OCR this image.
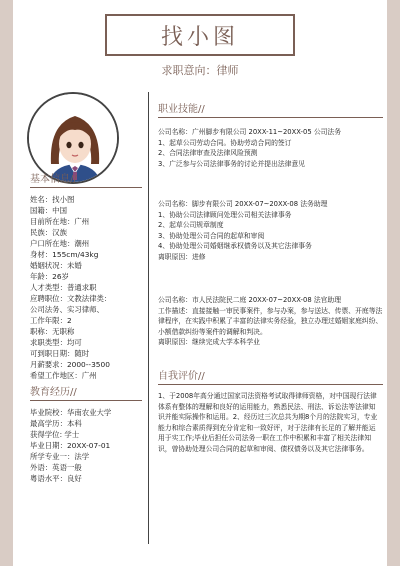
找小图
求职意向：律师
基本信息//
姓名：找小图
国籍：中国
目前所在地：广州
民族：汉族
户口所在地：潮州
身材：155cm/43kg
婚姻状况：未婚
年龄：26岁
人才类型：普通求职
应聘职位：文教法律类：
公司法务、实习律师、
工作年限：2
职称：无职称
求职类型：均可
可到职日期：随时
月薪要求：2000--3500
希望工作地区：广州
教育经历//
毕业院校：华南农业大学
最高学历：本科
获得学位: 学士
毕业日期：20XX-07-01
所学专业一：法学
外语：英语一般
粤语水平：良好
职业技能//
公司名称：广州脚步有限公司 20XX-11~20XX-05 公司法务
1、起草公司劳动合同。协助劳动合同的签订
2、合同法律审查及法律风险预测
3、广泛参与公司法律事务的讨论并提出法律意见
公司名称：脚步有限公司 20XX-07~20XX-08 法务助理
1、协助公司法律顾问处理公司相关法律事务
2、起草公司规章制度
3、协助处理公司合同的起草和审阅
4、协助处理公司婚姻继承权债务以及其它法律事务
离职原因：进修
公司名称：市人民法院民二庭 20XX-07~20XX-08 法官助理
工作描述：直接接触一审民事案件，参与办案，参与送达、传票、开庭等法律程序，在实践中积累了丰富的法律实务经验，独立办理过婚姻家庭纠纷、小额借款纠纷等案件的调解和判决。
离职原因：继续完成大学本科学业
自我评价//
1、于2008年高分通过国家司法资格考试取得律师资格，对中国现行法律体系有整体的理解和良好的运用能力，熟悉民法、刑法、诉讼法等法律知识并能实际操作和运用。2、经历过三次总共为期8个月的法院实习，专业能力和综合素质得到充分肯定和一致好评，对于法律有长足的了解并能运用于实工作;毕业后担任公司法务一职在工作中积累和丰富了相关法律知识，曾协助处理公司合同的起草和审阅、债权债务以及其它法律事务。
